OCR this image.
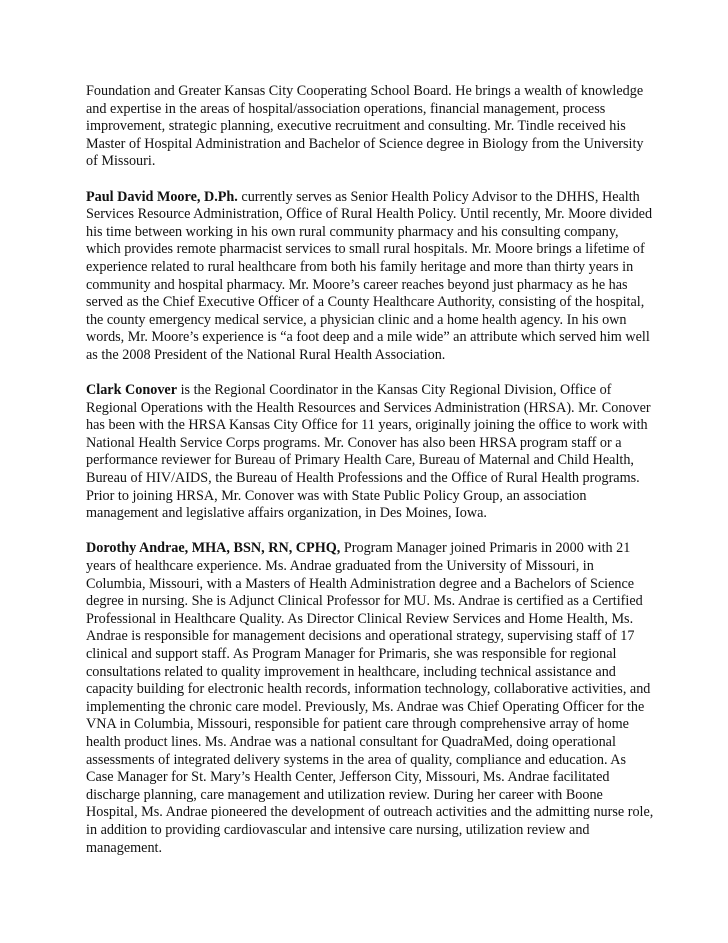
Foundation and Greater Kansas City Cooperating School Board. He brings a wealth of knowledge and expertise in the areas of hospital/association operations, financial management, process improvement, strategic planning, executive recruitment and consulting. Mr. Tindle received his Master of Hospital Administration and Bachelor of Science degree in Biology from the University of Missouri.

Paul David Moore, D.Ph. currently serves as Senior Health Policy Advisor to the DHHS, Health Services Resource Administration, Office of Rural Health Policy. Until recently, Mr. Moore divided his time between working in his own rural community pharmacy and his consulting company, which provides remote pharmacist services to small rural hospitals. Mr. Moore brings a lifetime of experience related to rural healthcare from both his family heritage and more than thirty years in community and hospital pharmacy. Mr. Moore’s career reaches beyond just pharmacy as he has served as the Chief Executive Officer of a County Healthcare Authority, consisting of the hospital, the county emergency medical service, a physician clinic and a home health agency. In his own words, Mr. Moore’s experience is “a foot deep and a mile wide” an attribute which served him well as the 2008 President of the National Rural Health Association.

Clark Conover is the Regional Coordinator in the Kansas City Regional Division, Office of Regional Operations with the Health Resources and Services Administration (HRSA). Mr. Conover has been with the HRSA Kansas City Office for 11 years, originally joining the office to work with National Health Service Corps programs. Mr. Conover has also been HRSA program staff or a performance reviewer for Bureau of Primary Health Care, Bureau of Maternal and Child Health, Bureau of HIV/AIDS, the Bureau of Health Professions and the Office of Rural Health programs. Prior to joining HRSA, Mr. Conover was with State Public Policy Group, an association management and legislative affairs organization, in Des Moines, Iowa.

Dorothy Andrae, MHA, BSN, RN, CPHQ, Program Manager joined Primaris in 2000 with 21 years of healthcare experience. Ms. Andrae graduated from the University of Missouri, in Columbia, Missouri, with a Masters of Health Administration degree and a Bachelors of Science degree in nursing. She is Adjunct Clinical Professor for MU. Ms. Andrae is certified as a Certified Professional in Healthcare Quality. As Director Clinical Review Services and Home Health, Ms. Andrae is responsible for management decisions and operational strategy, supervising staff of 17 clinical and support staff. As Program Manager for Primaris, she was responsible for regional consultations related to quality improvement in healthcare, including technical assistance and capacity building for electronic health records, information technology, collaborative activities, and implementing the chronic care model. Previously, Ms. Andrae was Chief Operating Officer for the VNA in Columbia, Missouri, responsible for patient care through comprehensive array of home health product lines. Ms. Andrae was a national consultant for QuadraMed, doing operational assessments of integrated delivery systems in the area of quality, compliance and education. As Case Manager for St. Mary’s Health Center, Jefferson City, Missouri, Ms. Andrae facilitated discharge planning, care management and utilization review. During her career with Boone Hospital, Ms. Andrae pioneered the development of outreach activities and the admitting nurse role, in addition to providing cardiovascular and intensive care nursing, utilization review and management.
